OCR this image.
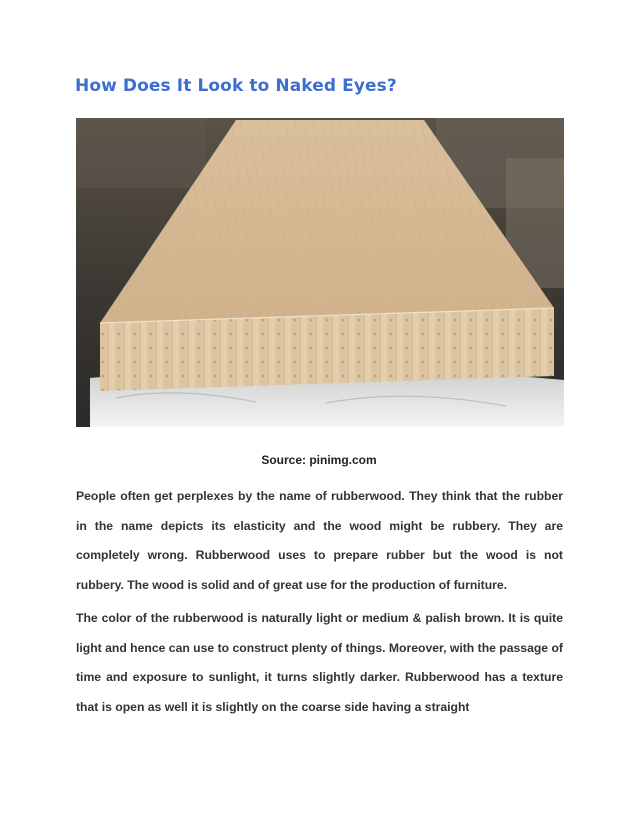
How Does It Look to Naked Eyes?
Source: pinimg.com

People often get perplexes by the name of rubberwood. They think that the rubber in the name depicts its elasticity and the wood might be rubbery. They are completely wrong. Rubberwood uses to prepare rubber but the wood is not rubbery. The wood is solid and of great use for the production of furniture.

The color of the rubberwood is naturally light or medium & palish brown. It is quite light and hence can use to construct plenty of things. Moreover, with the passage of time and exposure to sunlight, it turns slightly darker. Rubberwood has a texture that is open as well it is slightly on the coarse side having a straight
